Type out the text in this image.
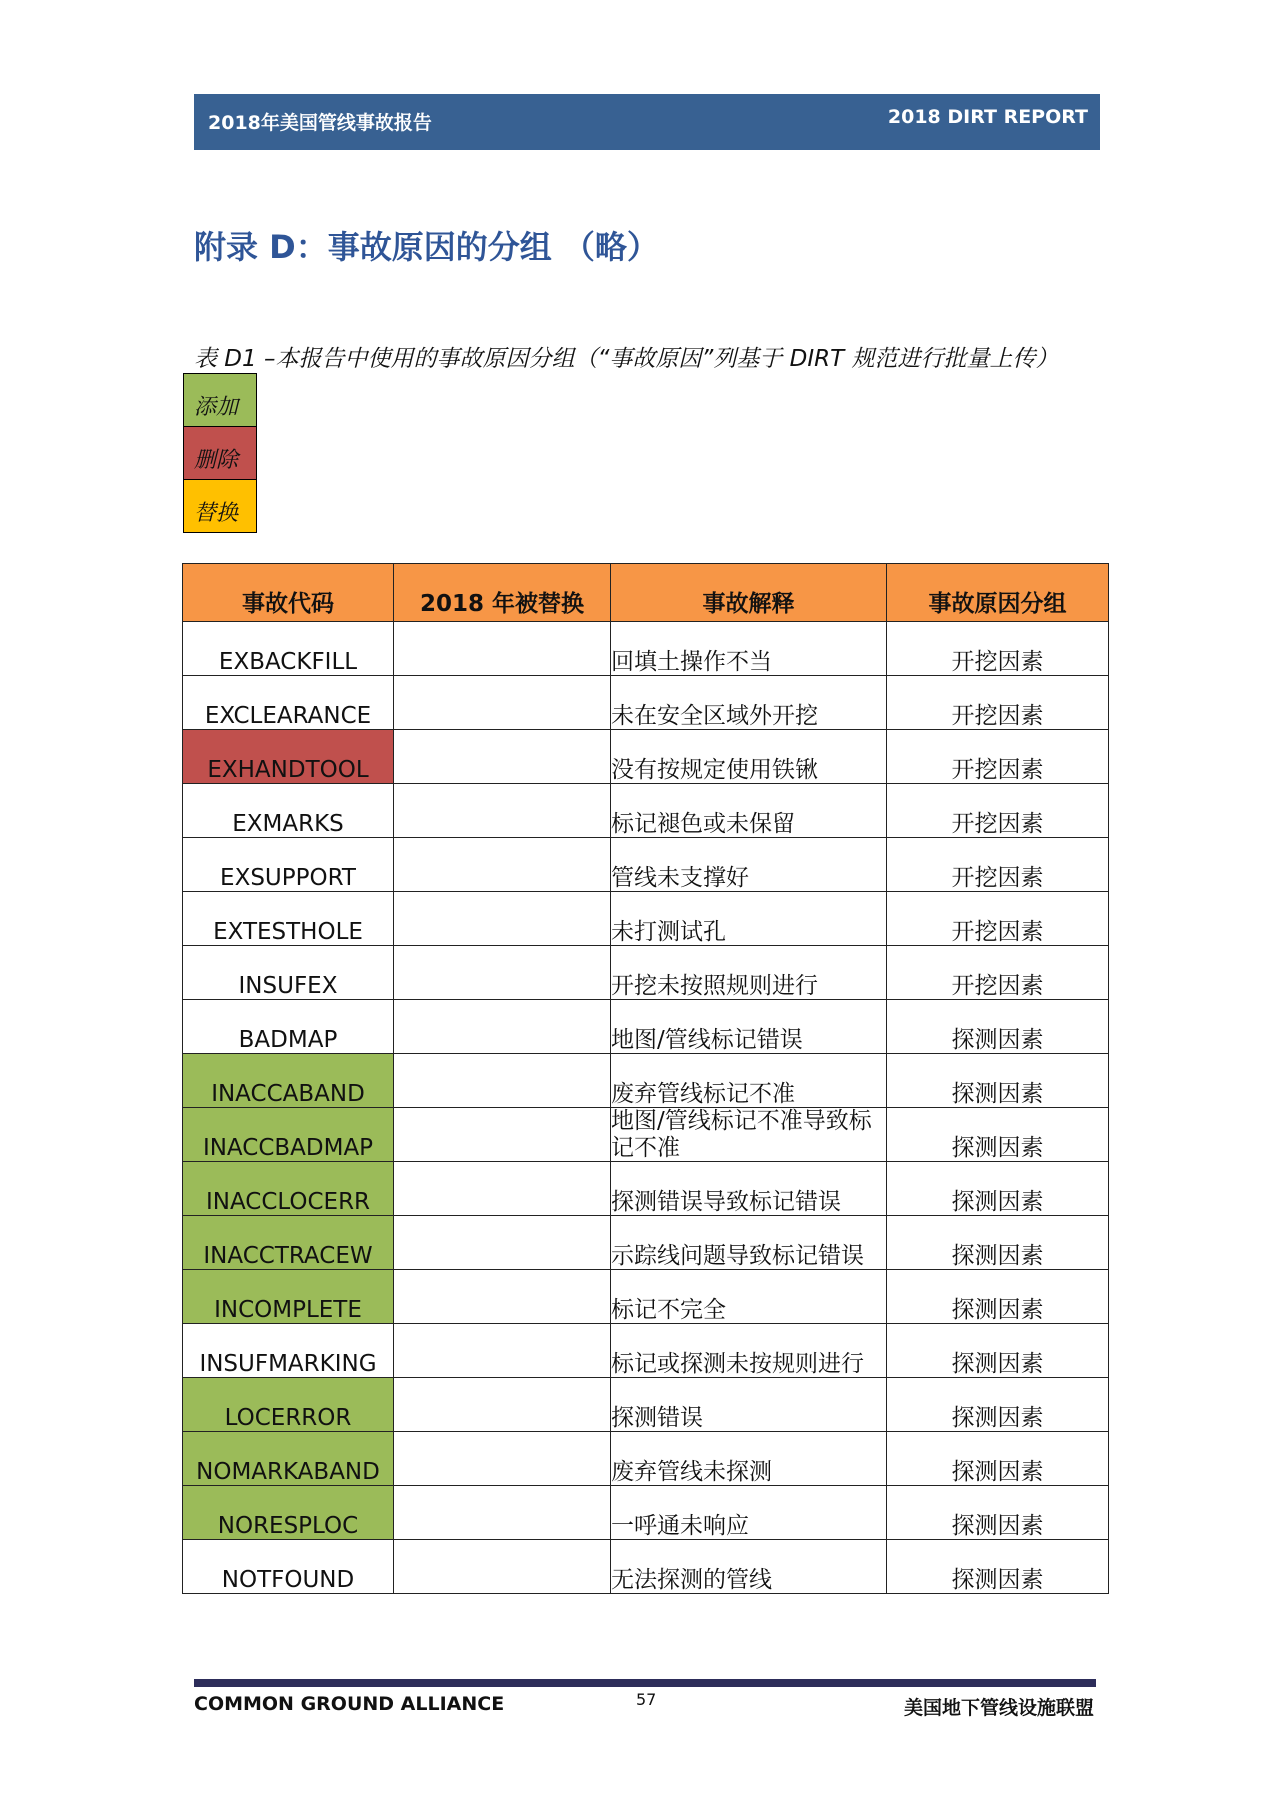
2018年美国管线事故报告	2018 DIRT REPORT
附录 D：事故原因的分组 （略）
表 D1 –本报告中使用的事故原因分组（“事故原因”列基于 DIRT 规范进行批量上传）
添加
删除
替换
事故代码	2018 年被替换	事故解释	事故原因分组
EXBACKFILL		回填土操作不当	开挖因素
EXCLEARANCE		未在安全区域外开挖	开挖因素
EXHANDTOOL		没有按规定使用铁锹	开挖因素
EXMARKS		标记褪色或未保留	开挖因素
EXSUPPORT		管线未支撑好	开挖因素
EXTESTHOLE		未打测试孔	开挖因素
INSUFEX		开挖未按照规则进行	开挖因素
BADMAP		地图/管线标记错误	探测因素
INACCABAND		废弃管线标记不准	探测因素
INACCBADMAP		地图/管线标记不准导致标记不准	探测因素
INACCLOCERR		探测错误导致标记错误	探测因素
INACCTRACEW		示踪线问题导致标记错误	探测因素
INCOMPLETE		标记不完全	探测因素
INSUFMARKING		标记或探测未按规则进行	探测因素
LOCERROR		探测错误	探测因素
NOMARKABAND		废弃管线未探测	探测因素
NORESPLOC		一呼通未响应	探测因素
NOTFOUND		无法探测的管线	探测因素
COMMON GROUND ALLIANCE	57	美国地下管线设施联盟
